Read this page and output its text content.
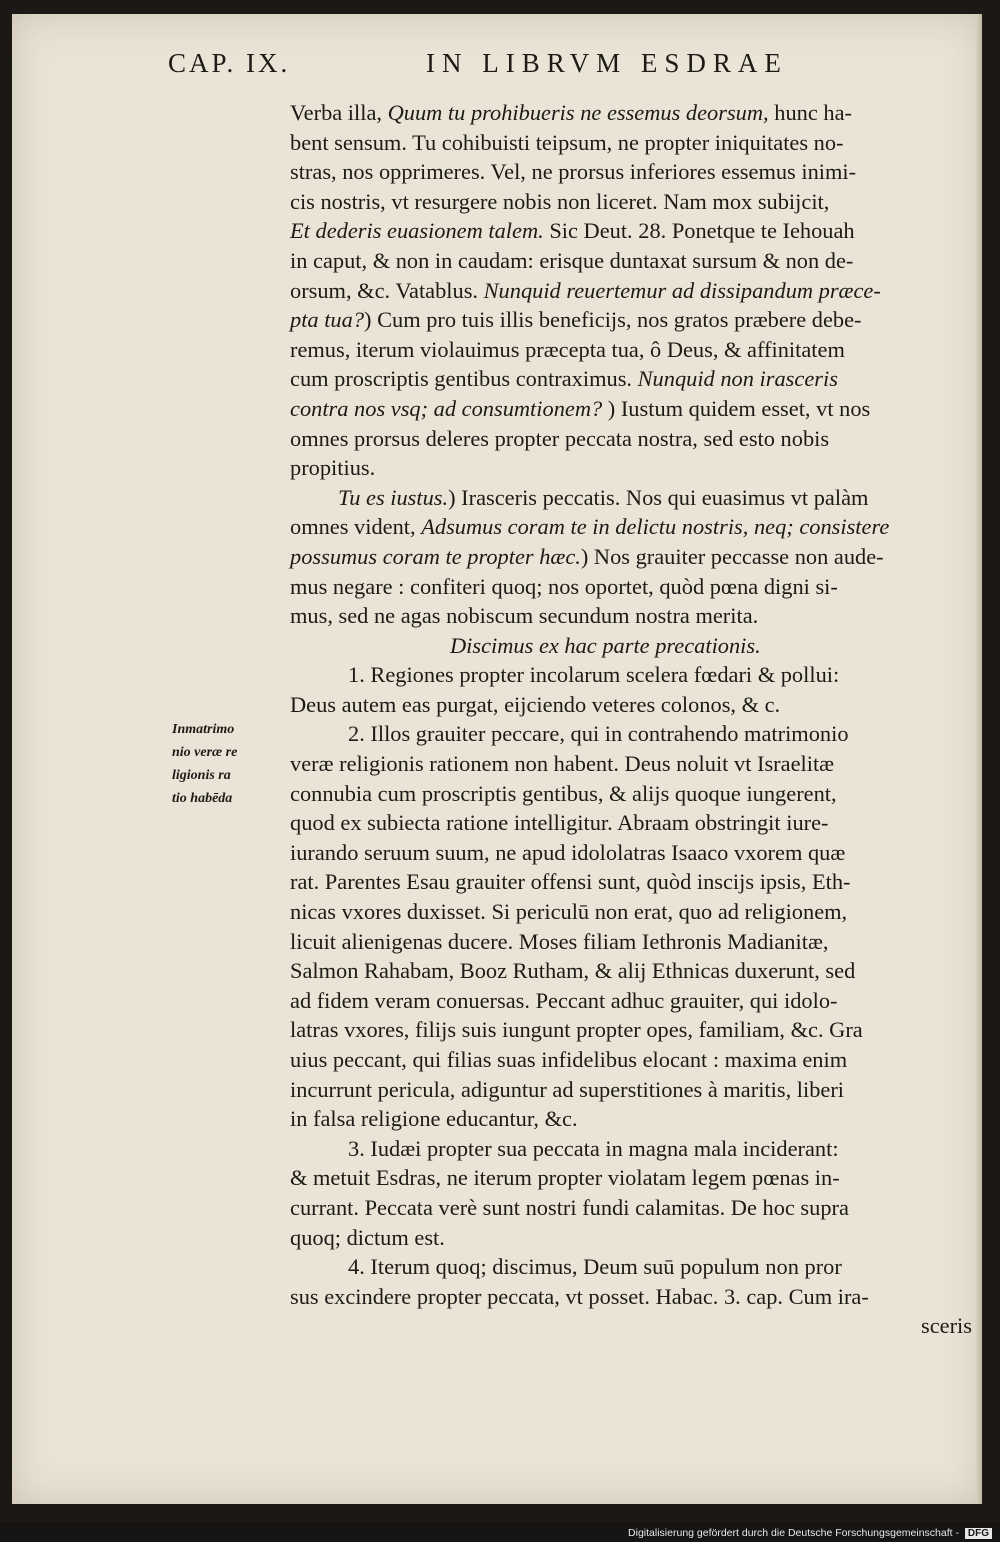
CAP. IX.	IN LIBRVM ESDRAE
Inmatrimo
nio veræ re
ligionis ra
tio habēda
Verba illa, Quum tu prohibueris ne essemus deorsum, hunc ha-
bent sensum. Tu cohibuisti teipsum, ne propter iniquitates no-
stras, nos opprimeres. Vel, ne prorsus inferiores essemus inimi-
cis nostris, vt resurgere nobis non liceret. Nam mox subijcit,
Et dederis euasionem talem. Sic Deut. 28. Ponetque te Iehouah
in caput, & non in caudam: erisque duntaxat sursum & non de-
orsum, &c. Vatablus. Nunquid reuertemur ad dissipandum præce-
pta tua?) Cum pro tuis illis beneficijs, nos gratos præbere debe-
remus, iterum violauimus præcepta tua, ô Deus, & affinitatem
cum proscriptis gentibus contraximus. Nunquid non irasceris
contra nos vsq; ad consumtionem? ) Iustum quidem esset, vt nos
omnes prorsus deleres propter peccata nostra, sed esto nobis
propitius.
Tu es iustus.) Irasceris peccatis. Nos qui euasimus vt palàm
omnes vident, Adsumus coram te in delictu nostris, neq; consistere
possumus coram te propter hæc.) Nos grauiter peccasse non aude-
mus negare : confiteri quoq; nos oportet, quòd pœna digni si-
mus, sed ne agas nobiscum secundum nostra merita.
Discimus ex hac parte precationis.
1. Regiones propter incolarum scelera fœdari & pollui:
Deus autem eas purgat, eijciendo veteres colonos, & c.
2. Illos grauiter peccare, qui in contrahendo matrimonio
veræ religionis rationem non habent. Deus noluit vt Israelitæ
connubia cum proscriptis gentibus, & alijs quoque iungerent,
quod ex subiecta ratione intelligitur. Abraam obstringit iure-
iurando seruum suum, ne apud idololatras Isaaco vxorem quæ
rat. Parentes Esau grauiter offensi sunt, quòd inscijs ipsis, Eth-
nicas vxores duxisset. Si periculū non erat, quo ad religionem,
licuit alienigenas ducere. Moses filiam Iethronis Madianitæ,
Salmon Rahabam, Booz Rutham, & alij Ethnicas duxerunt, sed
ad fidem veram conuersas. Peccant adhuc grauiter, qui idolo-
latras vxores, filijs suis iungunt propter opes, familiam, &c. Gra
uius peccant, qui filias suas infidelibus elocant : maxima enim
incurrunt pericula, adiguntur ad superstitiones à maritis, liberi
in falsa religione educantur, &c.
3. Iudæi propter sua peccata in magna mala inciderant:
& metuit Esdras, ne iterum propter violatam legem pœnas in-
currant. Peccata verè sunt nostri fundi calamitas. De hoc supra
quoq; dictum est.
4. Iterum quoq; discimus, Deum suū populum non pror
sus excindere propter peccata, vt posset. Habac. 3. cap. Cum ira-
sceris
Digitalisierung gefördert durch die Deutsche Forschungsgemeinschaft - DFG
